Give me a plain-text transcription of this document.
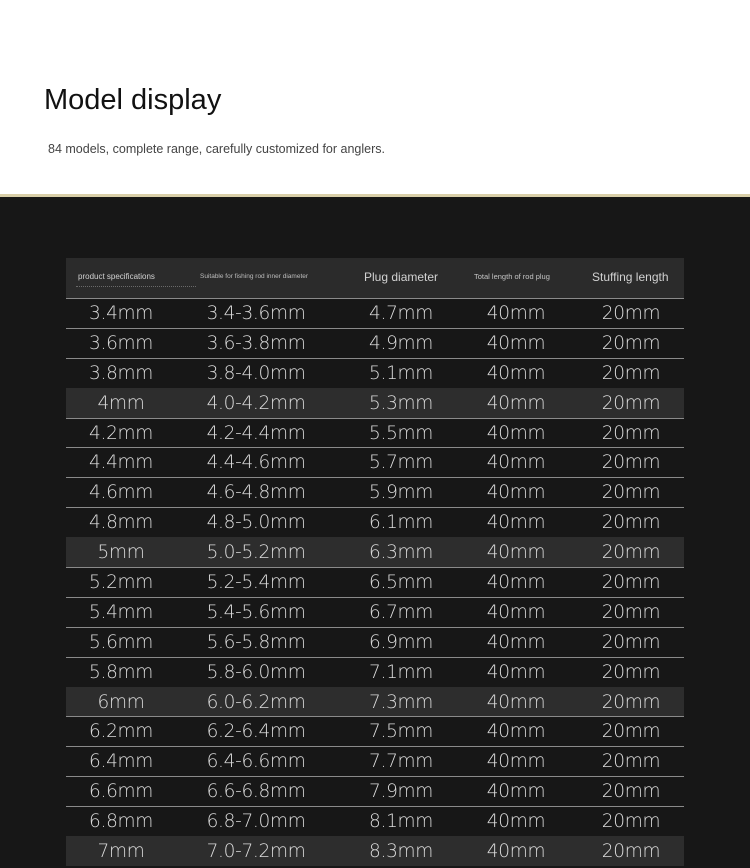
Model display
84 models, complete range, carefully customized for anglers.
product specifications	Suitable for fishing rod inner diameter	Plug diameter	Total length of rod plug	Stuffing length
3.4mm	3.4-3.6mm	4.7mm	40mm	20mm
3.6mm	3.6-3.8mm	4.9mm	40mm	20mm
3.8mm	3.8-4.0mm	5.1mm	40mm	20mm
4mm	4.0-4.2mm	5.3mm	40mm	20mm
4.2mm	4.2-4.4mm	5.5mm	40mm	20mm
4.4mm	4.4-4.6mm	5.7mm	40mm	20mm
4.6mm	4.6-4.8mm	5.9mm	40mm	20mm
4.8mm	4.8-5.0mm	6.1mm	40mm	20mm
5mm	5.0-5.2mm	6.3mm	40mm	20mm
5.2mm	5.2-5.4mm	6.5mm	40mm	20mm
5.4mm	5.4-5.6mm	6.7mm	40mm	20mm
5.6mm	5.6-5.8mm	6.9mm	40mm	20mm
5.8mm	5.8-6.0mm	7.1mm	40mm	20mm
6mm	6.0-6.2mm	7.3mm	40mm	20mm
6.2mm	6.2-6.4mm	7.5mm	40mm	20mm
6.4mm	6.4-6.6mm	7.7mm	40mm	20mm
6.6mm	6.6-6.8mm	7.9mm	40mm	20mm
6.8mm	6.8-7.0mm	8.1mm	40mm	20mm
7mm	7.0-7.2mm	8.3mm	40mm	20mm
